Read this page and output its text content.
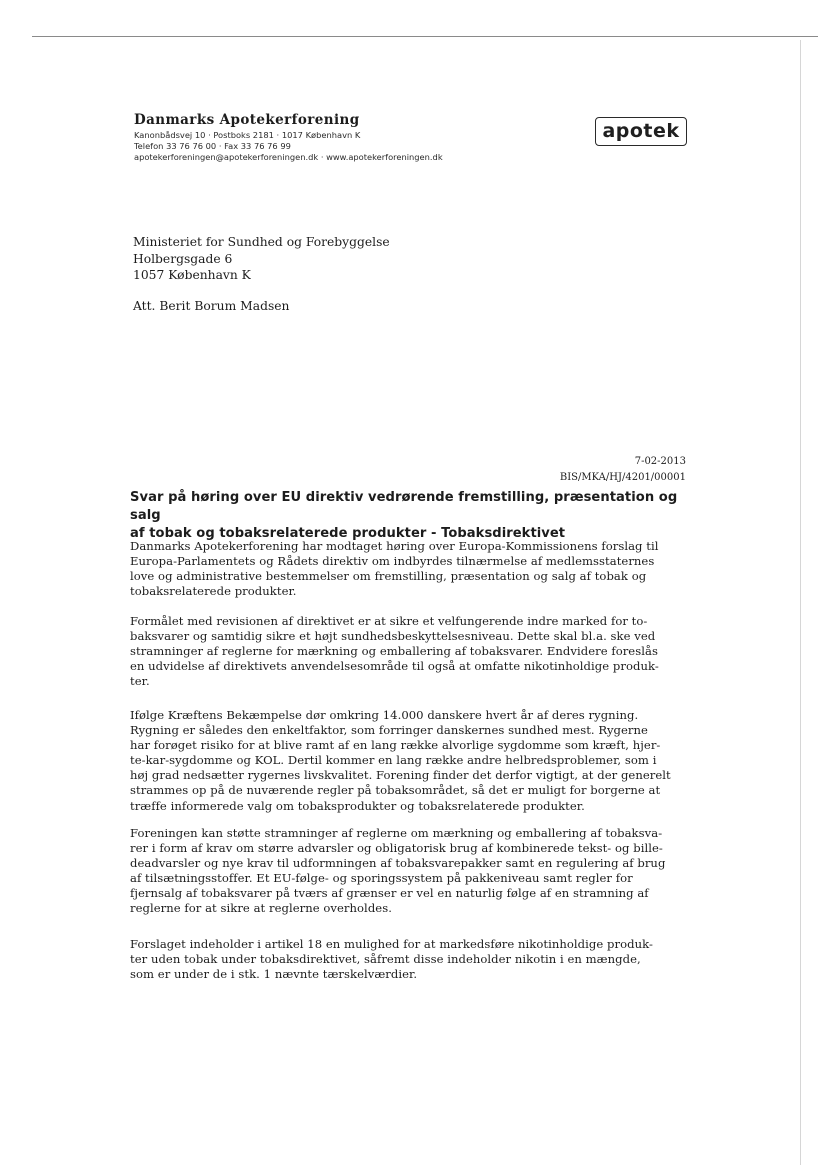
Danmarks Apotekerforening
Kanonbådsvej 10 · Postboks 2181 · 1017 København K
Telefon 33 76 76 00 · Fax 33 76 76 99
apotekerforeningen@apotekerforeningen.dk · www.apotekerforeningen.dk
apotek
Ministeriet for Sundhed og Forebyggelse
Holbergsgade 6
1057 København K
Att. Berit Borum Madsen
7-02-2013
BIS/MKA/HJ/4201/00001
Svar på høring over EU direktiv vedrørende fremstilling, præsentation og salg
af tobak og tobaksrelaterede produkter - Tobaksdirektivet
Danmarks Apotekerforening har modtaget høring over Europa-Kommissionens forslag til
Europa-Parlamentets og Rådets direktiv om indbyrdes tilnærmelse af medlemsstaternes
love og administrative bestemmelser om fremstilling, præsentation og salg af tobak og
tobaksrelaterede produkter.
Formålet med revisionen af direktivet er at sikre et velfungerende indre marked for to-
baksvarer og samtidig sikre et højt sundhedsbeskyttelsesniveau. Dette skal bl.a. ske ved
stramninger af reglerne for mærkning og emballering af tobaksvarer. Endvidere foreslås
en udvidelse af direktivets anvendelsesområde til også at omfatte nikotinholdige produk-
ter.
Ifølge Kræftens Bekæmpelse dør omkring 14.000 danskere hvert år af deres rygning.
Rygning er således den enkeltfaktor, som forringer danskernes sundhed mest. Rygerne
har forøget risiko for at blive ramt af en lang række alvorlige sygdomme som kræft, hjer-
te-kar-sygdomme og KOL. Dertil kommer en lang række andre helbredsproblemer, som i
høj grad nedsætter rygernes livskvalitet. Forening finder det derfor vigtigt, at der generelt
strammes op på de nuværende regler på tobaksområdet, så det er muligt for borgerne at
træffe informerede valg om tobaksprodukter og tobaksrelaterede produkter.
Foreningen kan støtte stramninger af reglerne om mærkning og emballering af tobaksva-
rer i form af krav om større advarsler og obligatorisk brug af kombinerede tekst- og bille-
deadvarsler og nye krav til udformningen af tobaksvarepakker samt en regulering af brug
af tilsætningsstoffer. Et EU-følge- og sporingssystem på pakkeniveau samt regler for
fjernsalg af tobaksvarer på tværs af grænser er vel en naturlig følge af en stramning af
reglerne for at sikre at reglerne overholdes.
Forslaget indeholder i artikel 18 en mulighed for at markedsføre nikotinholdige produk-
ter uden tobak under tobaksdirektivet, såfremt disse indeholder nikotin i en mængde,
som er under de i stk. 1 nævnte tærskelværdier.
